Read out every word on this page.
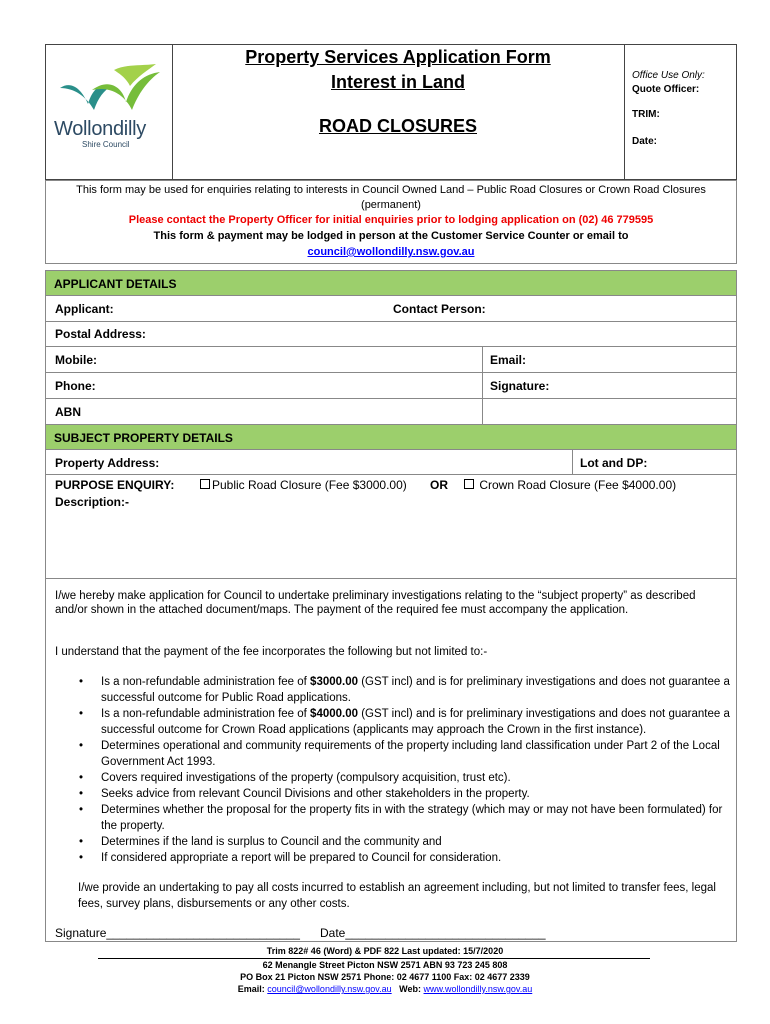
Wollondilly
Shire Council
Property Services Application Form
Interest in Land
ROAD CLOSURES
Office Use Only:
Quote Officer:
TRIM:
Date:
This form may be used for enquiries relating to interests in Council Owned Land – Public Road Closures or Crown Road Closures
(permanent)
Please contact the Property Officer for initial enquiries prior to lodging application on (02) 46 779595
This form & payment may be lodged in person at the Customer Service Counter or email to
council@wollondilly.nsw.gov.au
APPLICANT DETAILS
Applicant:	Contact Person:
Postal Address:
Mobile:	Email:
Phone:	Signature:
ABN
SUBJECT PROPERTY DETAILS
Property Address:	Lot and DP:
PURPOSE ENQUIRY:	Public Road Closure (Fee $3000.00) OR	Crown Road Closure (Fee $4000.00)
Description:-
I/we hereby make application for Council to undertake preliminary investigations relating to the “subject property” as described and/or shown in the attached document/maps. The payment of the required fee must accompany the application.
I understand that the payment of the fee incorporates the following but not limited to:-
• Is a non-refundable administration fee of $3000.00 (GST incl) and is for preliminary investigations and does not guarantee a successful outcome for Public Road applications.
• Is a non-refundable administration fee of $4000.00 (GST incl) and is for preliminary investigations and does not guarantee a successful outcome for Crown Road applications (applicants may approach the Crown in the first instance).
• Determines operational and community requirements of the property including land classification under Part 2 of the Local Government Act 1993.
• Covers required investigations of the property (compulsory acquisition, trust etc).
• Seeks advice from relevant Council Divisions and other stakeholders in the property.
• Determines whether the proposal for the property fits in with the strategy (which may or may not have been formulated) for the property.
• Determines if the land is surplus to Council and the community and
• If considered appropriate a report will be prepared to Council for consideration.
I/we provide an undertaking to pay all costs incurred to establish an agreement including, but not limited to transfer fees, legal fees, survey plans, disbursements or any other costs.
Signature_____________________________ Date______________________________
Trim 822# 46 (Word) & PDF 822 Last updated: 15/7/2020
62 Menangle Street Picton NSW 2571 ABN 93 723 245 808
PO Box 21 Picton NSW 2571 Phone: 02 4677 1100 Fax: 02 4677 2339
Email: council@wollondilly.nsw.gov.au Web: www.wollondilly.nsw.gov.au
